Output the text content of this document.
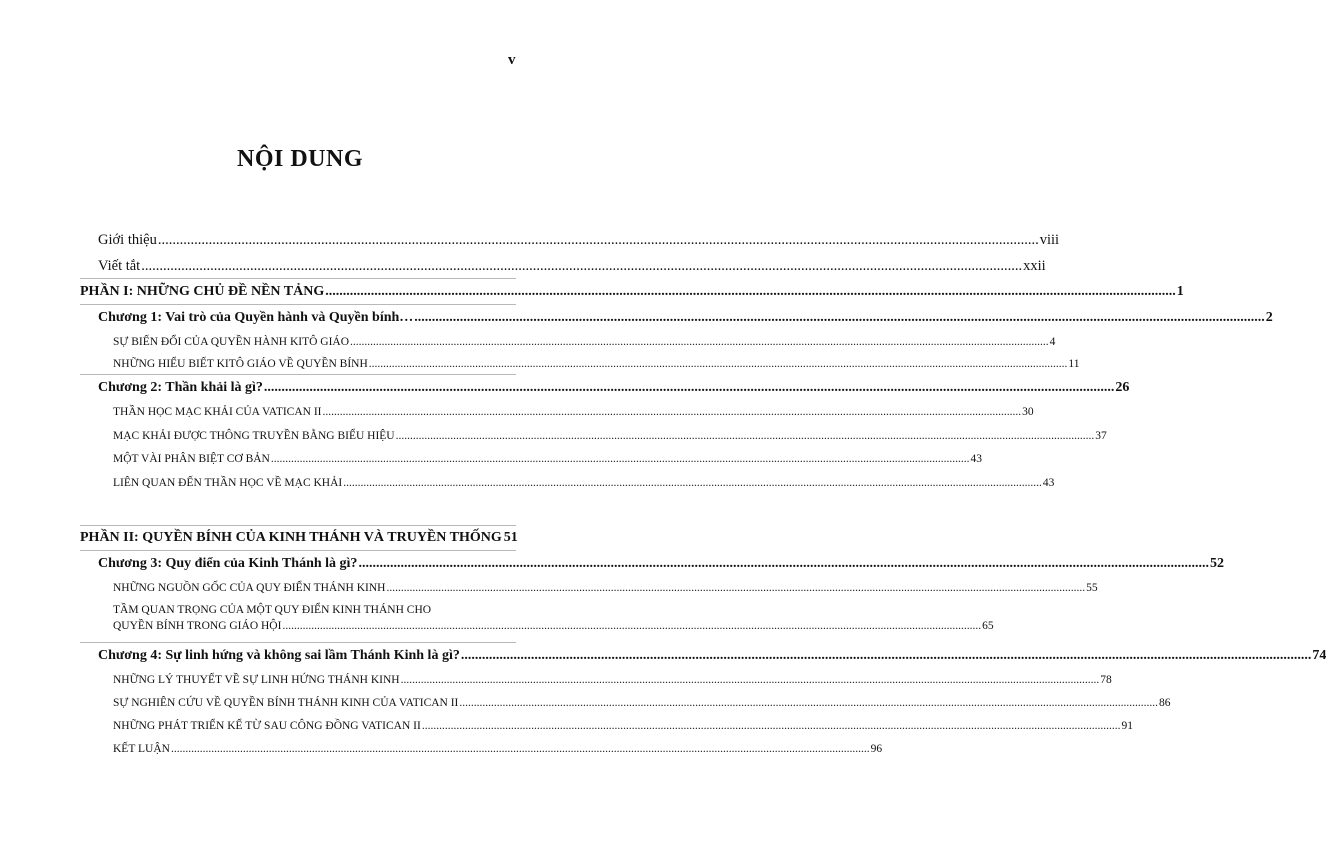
v
NỘI DUNG
Giới thiệu .....	viii
Viết tắt .....	xxii
PHẦN I: NHỮNG CHỦ ĐỀ NỀN TẢNG .....	1
Chương 1: Vai trò của Quyền hành và Quyền bính… .....	2
SỰ BIẾN ĐỔI CỦA QUYỀN HÀNH KITÔ GIÁO .....	4
NHỮNG HIỂU BIẾT KITÔ GIÁO VỀ QUYỀN BÍNH .....	11
Chương 2: Thần khải là gì? .....	26
THẦN HỌC MẠC KHẢI CỦA VATICAN II .....	30
MẠC KHẢI ĐƯỢC THÔNG TRUYỀN BẰNG BIỂU HIỆU .....	37
MỘT VÀI PHÂN BIỆT CƠ BẢN .....	43
LIÊN QUAN ĐẾN THẦN HỌC VỀ MẠC KHẢI .....	43
PHẦN II: QUYỀN BÍNH CỦA KINH THÁNH VÀ TRUYỀN THỐNG 51
Chương 3: Quy điển của Kinh Thánh là gì? .....	52
NHỮNG NGUỒN GỐC CỦA QUY ĐIỂN THÁNH KINH .....	55
TẦM QUAN TRỌNG CỦA MỘT QUY ĐIỂN KINH THÁNH CHO
QUYỀN BÍNH TRONG GIÁO HỘI .....	65
Chương 4: Sự linh hứng và không sai lầm Thánh Kinh là gì? .....	74
NHỮNG LÝ THUYẾT VỀ SỰ LINH HỨNG THÁNH KINH .....	78
SỰ NGHIÊN CỨU VỀ QUYỀN BÍNH THÁNH KINH CỦA VATICAN II .....	86
NHỮNG PHÁT TRIỂN KỂ TỪ SAU CÔNG ĐỒNG VATICAN II .....	91
KẾT LUẬN .....	96
